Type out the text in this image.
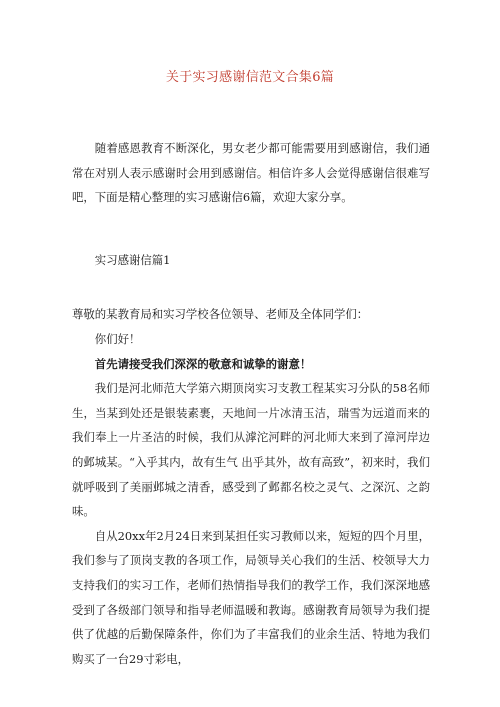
关于实习感谢信范文合集6篇

随着感恩教育不断深化，男女老少都可能需要用到感谢信，我们通常在对别人表示感谢时会用到感谢信。相信许多人会觉得感谢信很难写吧，下面是精心整理的实习感谢信6篇，欢迎大家分享。

实习感谢信篇1

尊敬的某教育局和实习学校各位领导、老师及全体同学们：

你们好！

首先请接受我们深深的敬意和诚挚的谢意！

我们是河北师范大学第六期顶岗实习支教工程某实习分队的58名师生，当某到处还是银装素裹，天地间一片冰清玉洁，瑞雪为远道而来的我们奉上一片圣洁的时候，我们从滹沱河畔的河北师大来到了漳河岸边的邺城某。“入乎其内，故有生气 出乎其外，故有高致”，初来时，我们就呼吸到了美丽邺城之清香，感受到了邺都名校之灵气、之深沉、之韵味。

自从20xx年2月24日来到某担任实习教师以来，短短的四个月里，我们参与了顶岗支教的各项工作，局领导关心我们的生活、校领导大力支持我们的实习工作，老师们热情指导我们的教学工作，我们深深地感受到了各级部门领导和指导老师温暖和教诲。感谢教育局领导为我们提供了优越的后勤保障条件，你们为了丰富我们的业余生活、特地为我们购买了一台29寸彩电，
